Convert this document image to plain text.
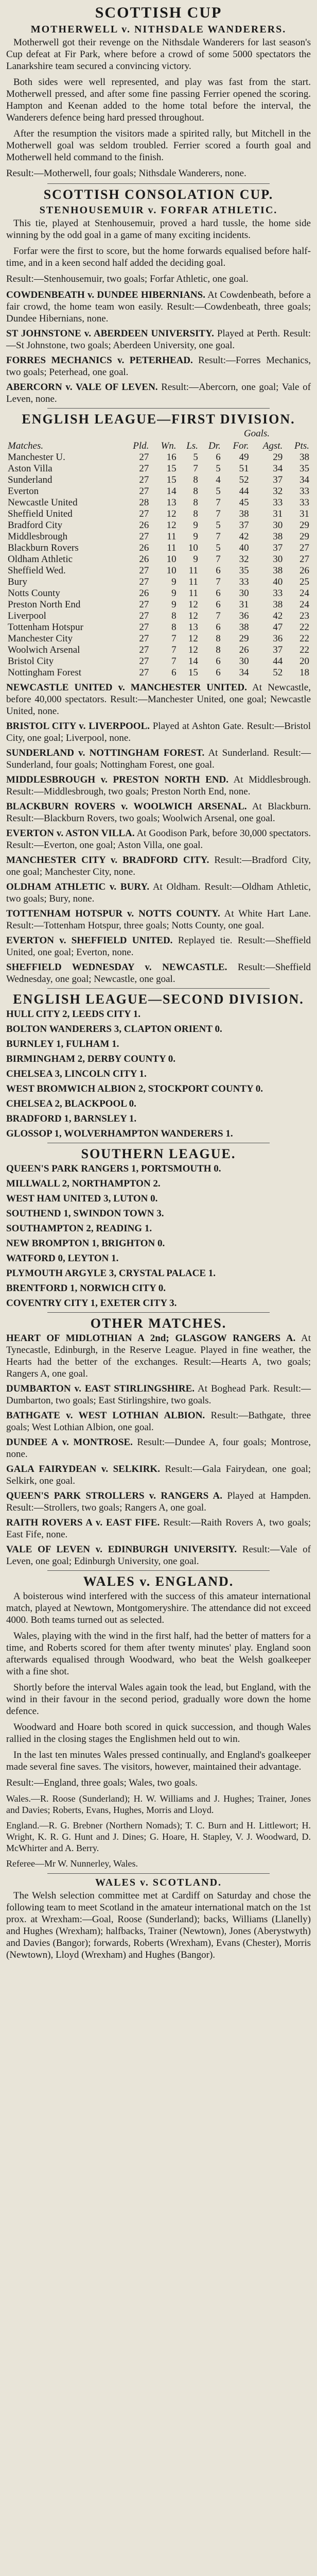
SCOTTISH CUP
MOTHERWELL v. NITHSDALE WANDERERS.

Motherwell got their revenge on the Nithsdale Wanderers for last season's Cup defeat at Fir Park, where before a crowd of some 5000 spectators the Lanarkshire team secured a convincing victory.

Both sides were well represented, and play was fast from the start. Motherwell pressed, and after some fine passing Ferrier opened the scoring. Hampton and Keenan added to the home total before the interval, the Wanderers defence being hard pressed throughout.

After the resumption the visitors made a spirited rally, but Mitchell in the Motherwell goal was seldom troubled. Ferrier scored a fourth goal and Motherwell held command to the finish.

Result:—Motherwell, four goals; Nithsdale Wanderers, none.

SCOTTISH CONSOLATION CUP.
STENHOUSEMUIR v. FORFAR ATHLETIC.

This tie, played at Stenhousemuir, proved a hard tussle, the home side winning by the odd goal in a game of many exciting incidents.

Forfar were the first to score, but the home forwards equalised before half-time, and in a keen second half added the deciding goal.

Result:—Stenhousemuir, two goals; Forfar Athletic, one goal.

COWDENBEATH v. DUNDEE HIBERNIANS. At Cowdenbeath, before a fair crowd, the home team won easily. Result:—Cowdenbeath, three goals; Dundee Hibernians, none.
ST JOHNSTONE v. ABERDEEN UNIVERSITY. Played at Perth. Result:—St Johnstone, two goals; Aberdeen University, one goal.
FORRES MECHANICS v. PETERHEAD. Result:—Forres Mechanics, two goals; Peterhead, one goal.
ABERCORN v. VALE OF LEVEN. Result:—Abercorn, one goal; Vale of Leven, none.
ENGLISH LEAGUE—FIRST DIVISION.
Goals.
Matches.	Pld.	Wn.	Ls.	Dr.	For.	Agst.	Pts.
Manchester U.	27	16	5	6	49	29	38
Aston Villa	27	15	7	5	51	34	35
Sunderland	27	15	8	4	52	37	34
Everton	27	14	8	5	44	32	33
Newcastle United	28	13	8	7	45	33	33
Sheffield United	27	12	8	7	38	31	31
Bradford City	26	12	9	5	37	30	29
Middlesbrough	27	11	9	7	42	38	29
Blackburn Rovers	26	11	10	5	40	37	27
Oldham Athletic	26	10	9	7	32	30	27
Sheffield Wed.	27	10	11	6	35	38	26
Bury	27	9	11	7	33	40	25
Notts County	26	9	11	6	30	33	24
Preston North End	27	9	12	6	31	38	24
Liverpool	27	8	12	7	36	42	23
Tottenham Hotspur	27	8	13	6	38	47	22
Manchester City	27	7	12	8	29	36	22
Woolwich Arsenal	27	7	12	8	26	37	22
Bristol City	27	7	14	6	30	44	20
Nottingham Forest	27	6	15	6	34	52	18
NEWCASTLE UNITED v. MANCHESTER UNITED. At Newcastle, before 40,000 spectators. Result:—Manchester United, one goal; Newcastle United, none.
BRISTOL CITY v. LIVERPOOL. Played at Ashton Gate. Result:—Bristol City, one goal; Liverpool, none.
SUNDERLAND v. NOTTINGHAM FOREST. At Sunderland. Result:—Sunderland, four goals; Nottingham Forest, one goal.
MIDDLESBROUGH v. PRESTON NORTH END. At Middlesbrough. Result:—Middlesbrough, two goals; Preston North End, none.
BLACKBURN ROVERS v. WOOLWICH ARSENAL. At Blackburn. Result:—Blackburn Rovers, two goals; Woolwich Arsenal, one goal.
EVERTON v. ASTON VILLA. At Goodison Park, before 30,000 spectators. Result:—Everton, one goal; Aston Villa, one goal.
MANCHESTER CITY v. BRADFORD CITY. Result:—Bradford City, one goal; Manchester City, none.
OLDHAM ATHLETIC v. BURY. At Oldham. Result:—Oldham Athletic, two goals; Bury, none.
TOTTENHAM HOTSPUR v. NOTTS COUNTY. At White Hart Lane. Result:—Tottenham Hotspur, three goals; Notts County, one goal.
EVERTON v. SHEFFIELD UNITED. Replayed tie. Result:—Sheffield United, one goal; Everton, none.
SHEFFIELD WEDNESDAY v. NEWCASTLE. Result:—Sheffield Wednesday, one goal; Newcastle, one goal.
ENGLISH LEAGUE—SECOND DIVISION.
HULL CITY 2, LEEDS CITY 1.
BOLTON WANDERERS 3, CLAPTON ORIENT 0.
BURNLEY 1, FULHAM 1.
BIRMINGHAM 2, DERBY COUNTY 0.
CHELSEA 3, LINCOLN CITY 1.
WEST BROMWICH ALBION 2, STOCKPORT COUNTY 0.
CHELSEA 2, BLACKPOOL 0.
BRADFORD 1, BARNSLEY 1.
GLOSSOP 1, WOLVERHAMPTON WANDERERS 1.
SOUTHERN LEAGUE.
QUEEN'S PARK RANGERS 1, PORTSMOUTH 0.
MILLWALL 2, NORTHAMPTON 2.
WEST HAM UNITED 3, LUTON 0.
SOUTHEND 1, SWINDON TOWN 3.
SOUTHAMPTON 2, READING 1.
NEW BROMPTON 1, BRIGHTON 0.
WATFORD 0, LEYTON 1.
PLYMOUTH ARGYLE 3, CRYSTAL PALACE 1.
BRENTFORD 1, NORWICH CITY 0.
COVENTRY CITY 1, EXETER CITY 3.
OTHER MATCHES.
HEART OF MIDLOTHIAN A 2nd; GLASGOW RANGERS A. At Tynecastle, Edinburgh, in the Reserve League. Played in fine weather, the Hearts had the better of the exchanges. Result:—Hearts A, two goals; Rangers A, one goal.
DUMBARTON v. EAST STIRLINGSHIRE. At Boghead Park. Result:—Dumbarton, two goals; East Stirlingshire, two goals.
BATHGATE v. WEST LOTHIAN ALBION. Result:—Bathgate, three goals; West Lothian Albion, one goal.
DUNDEE A v. MONTROSE. Result:—Dundee A, four goals; Montrose, none.
GALA FAIRYDEAN v. SELKIRK. Result:—Gala Fairydean, one goal; Selkirk, one goal.
QUEEN'S PARK STROLLERS v. RANGERS A. Played at Hampden. Result:—Strollers, two goals; Rangers A, one goal.
RAITH ROVERS A v. EAST FIFE. Result:—Raith Rovers A, two goals; East Fife, none.
VALE OF LEVEN v. EDINBURGH UNIVERSITY. Result:—Vale of Leven, one goal; Edinburgh University, one goal.
WALES v. ENGLAND.

A boisterous wind interfered with the success of this amateur international match, played at Newtown, Montgomeryshire. The attendance did not exceed 4000. Both teams turned out as selected.

Wales, playing with the wind in the first half, had the better of matters for a time, and Roberts scored for them after twenty minutes' play. England soon afterwards equalised through Woodward, who beat the Welsh goalkeeper with a fine shot.

Shortly before the interval Wales again took the lead, but England, with the wind in their favour in the second period, gradually wore down the home defence.

Woodward and Hoare both scored in quick succession, and though Wales rallied in the closing stages the Englishmen held out to win.

In the last ten minutes Wales pressed continually, and England's goalkeeper made several fine saves. The visitors, however, maintained their advantage.

Result:—England, three goals; Wales, two goals.

Wales.—R. Roose (Sunderland); H. W. Williams and J. Hughes; Trainer, Jones and Davies; Roberts, Evans, Hughes, Morris and Lloyd.
England.—R. G. Brebner (Northern Nomads); T. C. Burn and H. Littlewort; H. Wright, K. R. G. Hunt and J. Dines; G. Hoare, H. Stapley, V. J. Woodward, D. McWhirter and A. Berry.
Referee—Mr W. Nunnerley, Wales.
WALES v. SCOTLAND.

The Welsh selection committee met at Cardiff on Saturday and chose the following team to meet Scotland in the amateur international match on the 1st prox. at Wrexham:—Goal, Roose (Sunderland); backs, Williams (Llanelly) and Hughes (Wrexham); halfbacks, Trainer (Newtown), Jones (Aberystwyth) and Davies (Bangor); forwards, Roberts (Wrexham), Evans (Chester), Morris (Newtown), Lloyd (Wrexham) and Hughes (Bangor).
